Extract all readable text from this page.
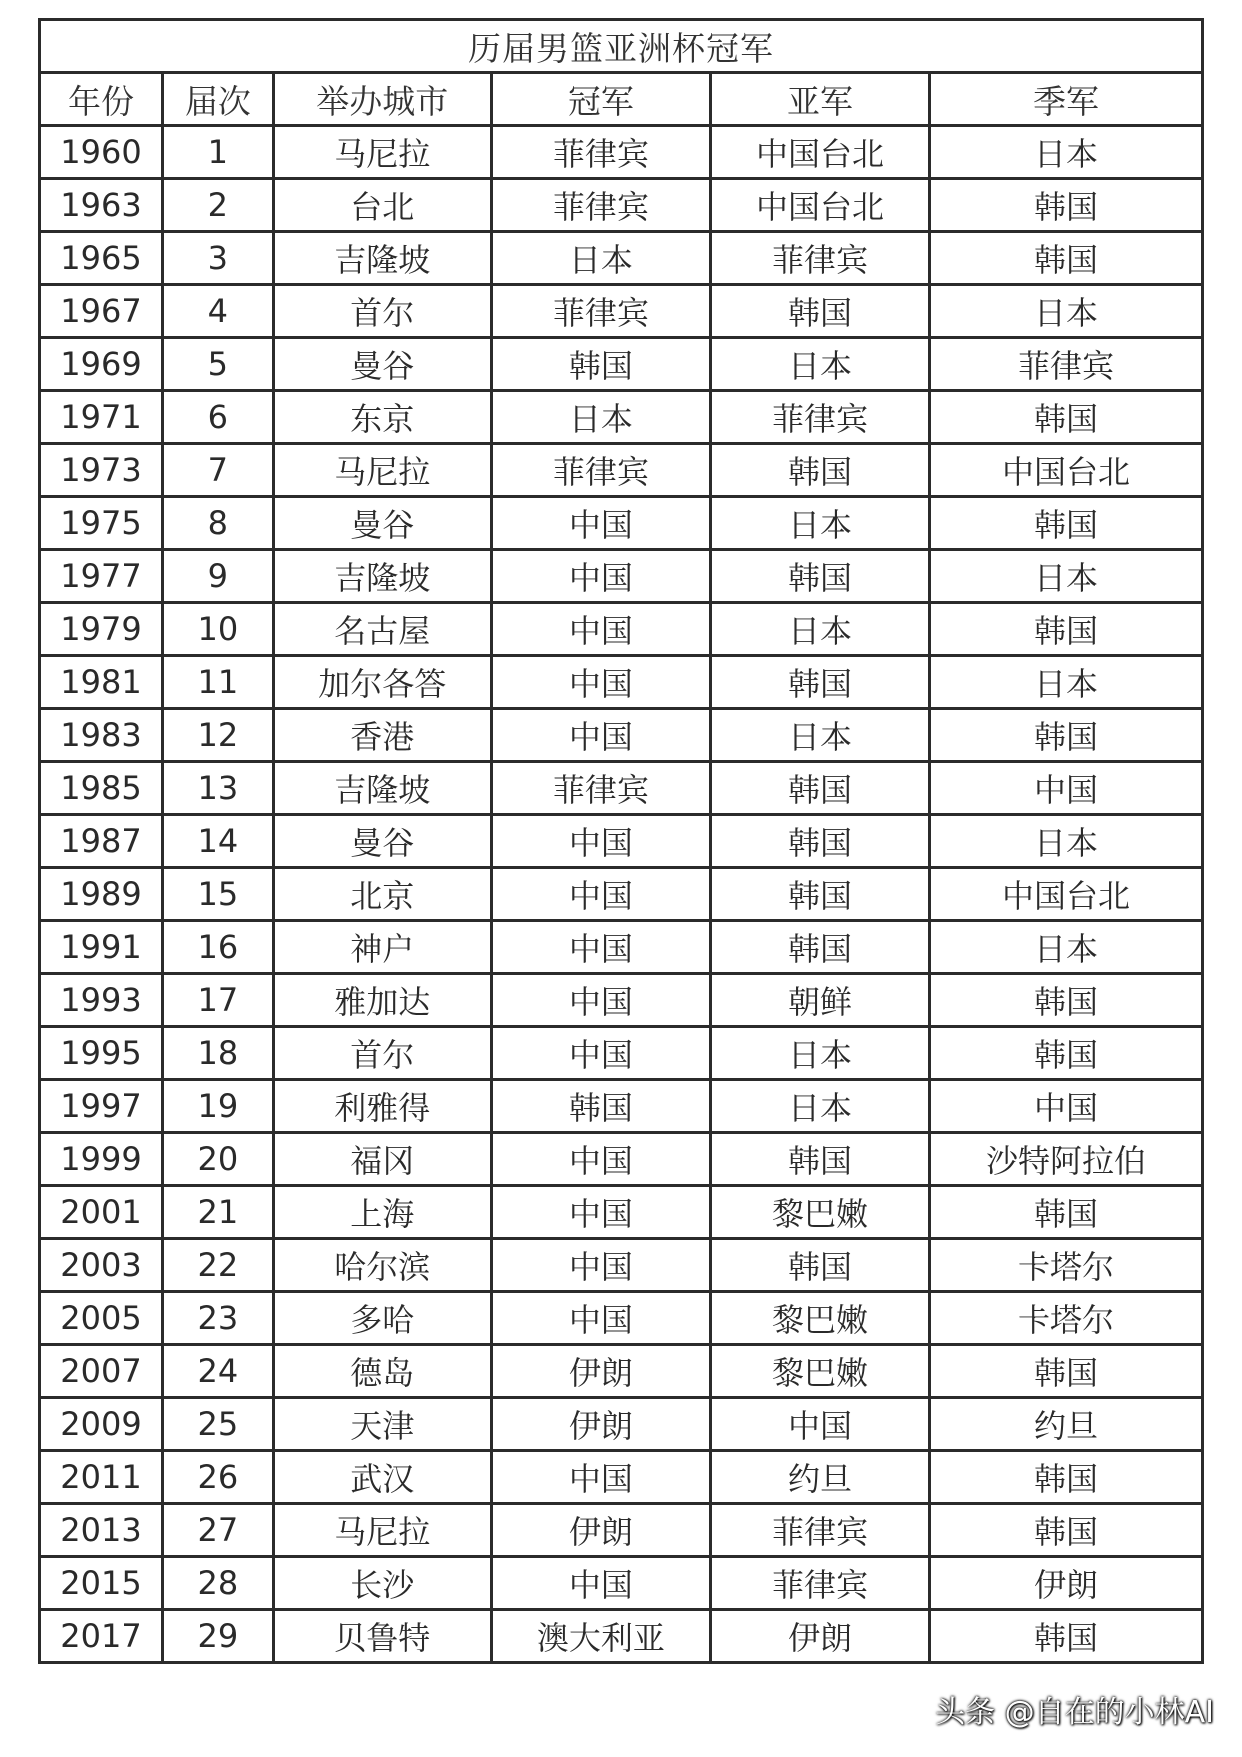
历届男篮亚洲杯冠军					
年份	届次	举办城市	冠军	亚军	季军
1960	1	马尼拉	菲律宾	中国台北	日本
1963	2	台北	菲律宾	中国台北	韩国
1965	3	吉隆坡	日本	菲律宾	韩国
1967	4	首尔	菲律宾	韩国	日本
1969	5	曼谷	韩国	日本	菲律宾
1971	6	东京	日本	菲律宾	韩国
1973	7	马尼拉	菲律宾	韩国	中国台北
1975	8	曼谷	中国	日本	韩国
1977	9	吉隆坡	中国	韩国	日本
1979	10	名古屋	中国	日本	韩国
1981	11	加尔各答	中国	韩国	日本
1983	12	香港	中国	日本	韩国
1985	13	吉隆坡	菲律宾	韩国	中国
1987	14	曼谷	中国	韩国	日本
1989	15	北京	中国	韩国	中国台北
1991	16	神户	中国	韩国	日本
1993	17	雅加达	中国	朝鲜	韩国
1995	18	首尔	中国	日本	韩国
1997	19	利雅得	韩国	日本	中国
1999	20	福冈	中国	韩国	沙特阿拉伯
2001	21	上海	中国	黎巴嫩	韩国
2003	22	哈尔滨	中国	韩国	卡塔尔
2005	23	多哈	中国	黎巴嫩	卡塔尔
2007	24	德岛	伊朗	黎巴嫩	韩国
2009	25	天津	伊朗	中国	约旦
2011	26	武汉	中国	约旦	韩国
2013	27	马尼拉	伊朗	菲律宾	韩国
2015	28	长沙	中国	菲律宾	伊朗
2017	29	贝鲁特	澳大利亚	伊朗	韩国
头条 @自在的小林AI
